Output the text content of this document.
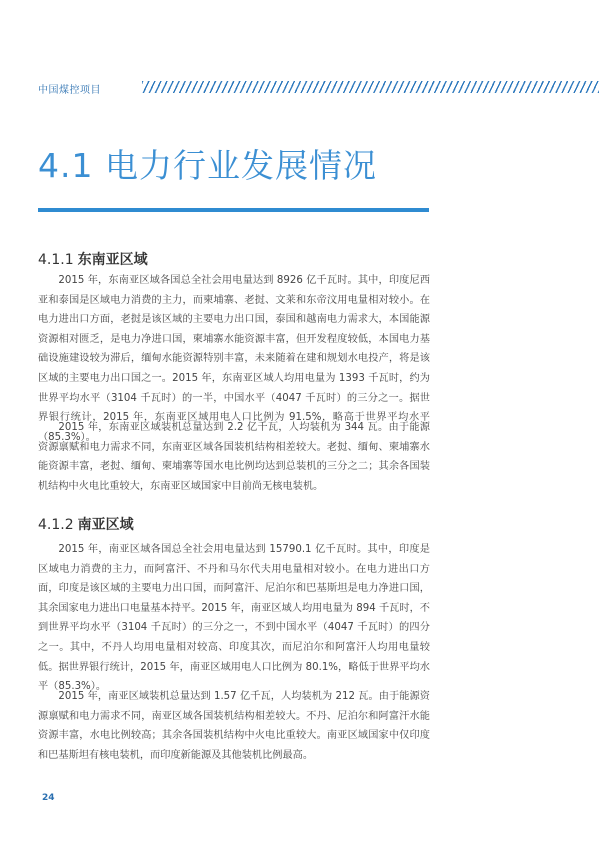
中国煤控项目
4.1 电力行业发展情况
4.1.1 东南亚区域

2015 年，东南亚区域各国总全社会用电量达到 8926 亿千瓦时。其中，印度尼西亚和泰国是区域电力消费的主力，而柬埔寨、老挝、文莱和东帝汶用电量相对较小。在电力进出口方面，老挝是该区域的主要电力出口国，泰国和越南电力需求大，本国能源资源相对匮乏，是电力净进口国，柬埔寨水能资源丰富，但开发程度较低，本国电力基础设施建设较为滞后，缅甸水能资源特别丰富，未来随着在建和规划水电投产，将是该区域的主要电力出口国之一。2015 年，东南亚区域人均用电量为 1393 千瓦时，约为世界平均水平（3104 千瓦时）的一半，中国水平（4047 千瓦时）的三分之一。据世界银行统计，2015 年，东南亚区域用电人口比例为 91.5%，略高于世界平均水平（85.3%）。

2015 年，东南亚区域装机总量达到 2.2 亿千瓦，人均装机为 344 瓦。由于能源资源禀赋和电力需求不同，东南亚区域各国装机结构相差较大。老挝、缅甸、柬埔寨水能资源丰富，老挝、缅甸、柬埔寨等国水电比例均达到总装机的三分之二；其余各国装机结构中火电比重较大，东南亚区域国家中目前尚无核电装机。

4.1.2 南亚区域

2015 年，南亚区域各国总全社会用电量达到 15790.1 亿千瓦时。其中，印度是区域电力消费的主力，而阿富汗、不丹和马尔代夫用电量相对较小。在电力进出口方面，印度是该区域的主要电力出口国，而阿富汗、尼泊尔和巴基斯坦是电力净进口国，其余国家电力进出口电量基本持平。2015 年，南亚区域人均用电量为 894 千瓦时，不到世界平均水平（3104 千瓦时）的三分之一，不到中国水平（4047 千瓦时）的四分之一。其中，不丹人均用电量相对较高、印度其次，而尼泊尔和阿富汗人均用电量较低。据世界银行统计，2015 年，南亚区域用电人口比例为 80.1%，略低于世界平均水平（85.3%）。

2015 年，南亚区域装机总量达到 1.57 亿千瓦，人均装机为 212 瓦。由于能源资源禀赋和电力需求不同，南亚区域各国装机结构相差较大。不丹、尼泊尔和阿富汗水能资源丰富，水电比例较高；其余各国装机结构中火电比重较大。南亚区域国家中仅印度和巴基斯坦有核电装机，而印度新能源及其他装机比例最高。

24
